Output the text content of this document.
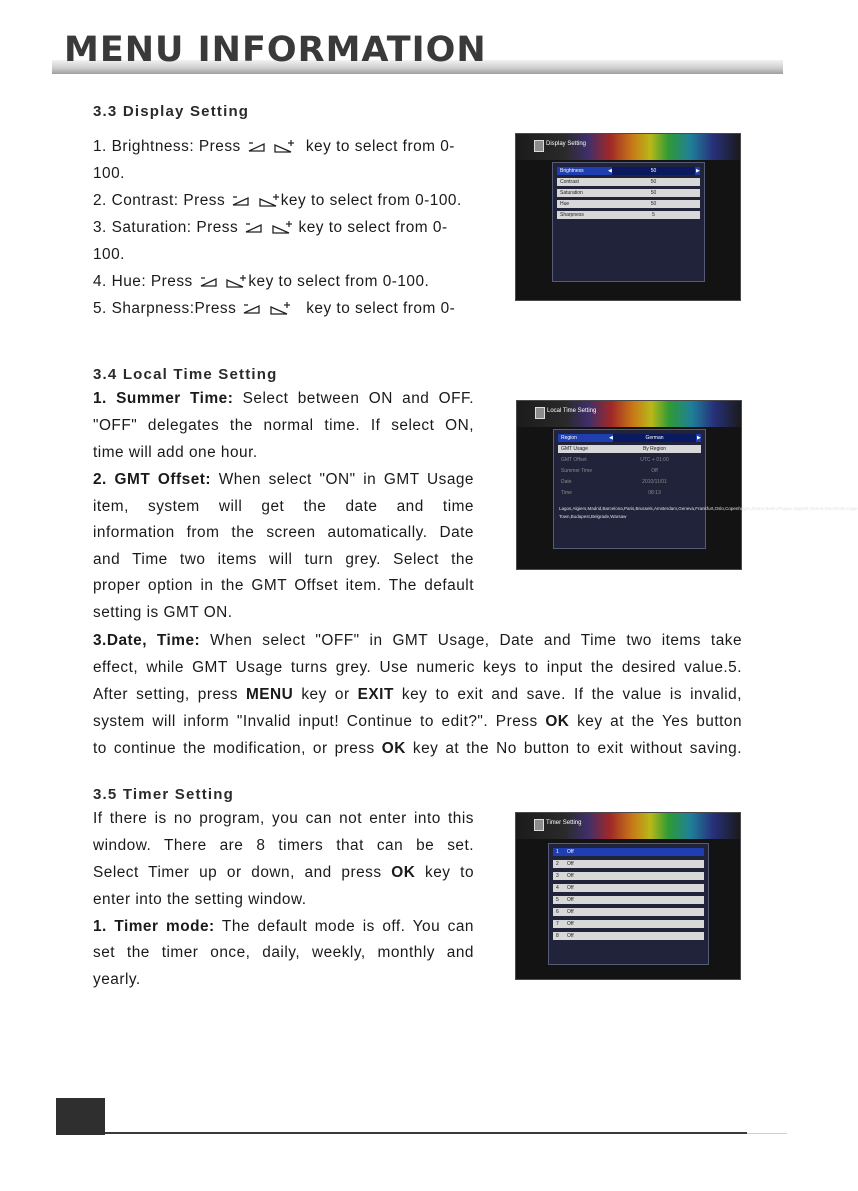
MENU INFORMATION
3.3 Display Setting
1. Brightness: Press	key to select from 0-
100.
2. Contrast: Press	key to select from 0-100.
3. Saturation: Press	key to select from 0-
100.
4. Hue: Press	key to select from 0-100.
5. Sharpness:Press	key to select from 0-
Display Setting
Brightness	◀	50	▶
Contrast	50
Saturation	50
Hue	50
Sharpness	5
3.4 Local Time Setting
1. Summer Time: Select between ON and OFF.
"OFF" delegates the normal time. If select ON,
time will add one hour.
2. GMT Offset: When select "ON" in GMT Usage
item, system will get the date and time
information from the screen automatically. Date
and Time two items will turn grey. Select the
proper option in the GMT Offset item. The default
setting is GMT ON.
3.Date, Time: When select "OFF" in GMT Usage, Date and Time two items take
effect, while GMT Usage turns grey. Use numeric keys to input the desired value.5.
After setting, press MENU key or EXIT key to exit and save. If the value is invalid,
system will inform "Invalid input! Continue to edit?". Press OK key at the Yes button
to continue the modification, or press OK key at the No button to exit without saving.
Local Time Setting
Region	◀	German	▶
GMT Usage	By Region
GMT Offset	UTC + 01:00
Summer Time	Off
Date	2010/11/01
Time	08:13
Lagos,Algiers,Madrid,Barcelona,Paris,Brussels,Amsterdam,Geneva,Frankfurt,Oslo,Copenhagen,Rome,Berlin,Prague,Zagreb,Vienna,Stockholm,Cape Town,Budapest,Belgrade,Warsaw
3.5 Timer Setting
If there is no program, you can not enter into this
window. There are 8 timers that can be set.
Select Timer up or down, and press OK key to
enter into the setting window.
1. Timer mode: The default mode is off. You can
set the timer once, daily, weekly, monthly and
yearly.
Timer Setting
1 Off
2 Off
3 Off
4 Off
5 Off
6 Off
7 Off
8 Off
